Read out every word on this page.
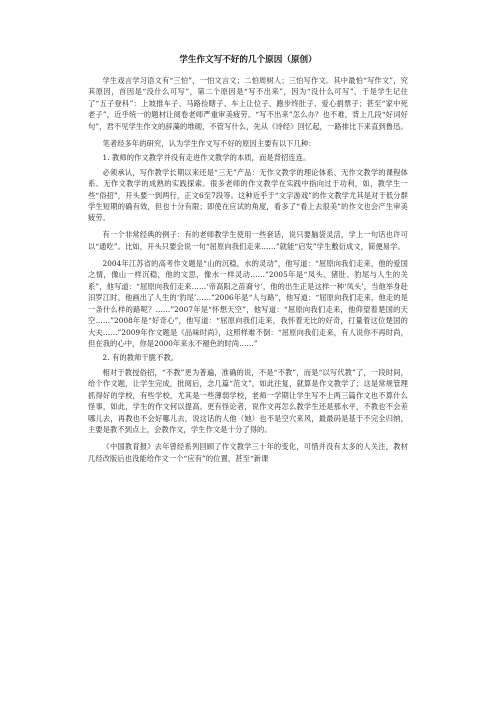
学生作文写不好的几个原因（原创）

学生戏言学习语文有“三怕”，一怕文言文；二怕周树人；三怕写作文。其中最怕“写作文”，究其原因，首因是“没什么可写”，第二个原因是“写不出来”，因为“没什么可写”，于是学生记住了“五子登科”：上坡推车子、马路捡瞎子、车上让位子、跑步终肚子、爱心捐票子；甚至“家中死老子”，近乎统一的题材让阅卷老师严重审美疲劳。“写不出来”怎么办？也不难，背上几段“好词好句”，君不见学生作文的辞藻的堆砌，不管写什么，先从《诗经》回忆起，一路排比下来直到鲁迅。

笔者经多年的研究，认为学生作文写不好的原因主要有以下几种：

1. 教师的作文教学并没有走进作文教学的本质，而是背招连连。

必须承认，写作教学长期以来还是“三无”产品：无作文教学的理论体系、无作文教学的课程体系、无作文教学的成熟的实践探索。很多老师的作文教学在实践中指向过于功利，如，教学生一些“俗招”，开头要一到两行，正文6至7段等。这种近乎于“文字游戏”的作文教学尤其是对于低分群学生短期的确有效，但也十分有限；即使在应试的角度，看多了“看上去很美”的作文也会产生审美疲劳。

有一个非常经典的例子：有的老师教学生使用一些套话，说只要脑袋灵活，学上一句话也许可以“通吃”。比如，开头只要会说一句“屈原向我们走来……”就能“启发”学生敷衍成文，简便易学。

2004年江苏省的高考作文题是“山的沉稳，水的灵动”，他写道：“屈原向我们走来，他的爱国之情，像山一样沉稳，他的文思，像水一样灵动……”2005年是“凤头、猪肚、豹尾与人生的关系”，他写道：“屈原向我们走来……‘帝高阳之苗裔兮’，他的出生正是这样一种‘凤头’，当他举身赴汨罗江时，他画出了人生的‘豹尾’……”2006年是“人与路”，他写道：“屈原向我们走来，他走的是一条什么样的路呢？……”2007年是“怀想天空”，他写道：“屈原向我们走来，他仰望着楚国的天空……”2008年是“好奇心”，他写道：“屈原向我们走来，我怀着无比的好奇，打量着这位楚国的大夫……”2009年作文题是《品味时尚》，这照样难不倒：“屈原向我们走来，有人说你不再时尚，但在我的心中，你是2000年来永不褪色的时尚……”

2. 有的教师干脆不教。

相对于教授俗招，“不教”更为普遍，准确的说，不是“不教”，而是“以写代教”了，一段时间，给个作文题，让学生完成，批阅后，念几篇“范文”，如此往复，就算是作文教学了；这是常规管理抓得好的学校，有些学校，尤其是一些薄弱学校，老师一学期让学生写不上两三篇作文也不算什么怪事，如此，学生的作文何以提高。更有怪论者，说作文再怎么教学生还是那水平，不教也不会差哪儿去，再教也不会好哪儿去，说这话的人他（她）也不是空穴来风，最最码是基于不完全归纳，主要是教不到点上，会教作文，学生作文是十分了得的。

《中国教育报》去年曾经系列回顾了作文教学三十年的变化，可惜并没有太多的人关注，教材几经改版后也没能给作文一个“应有”的位置，甚至“新课
